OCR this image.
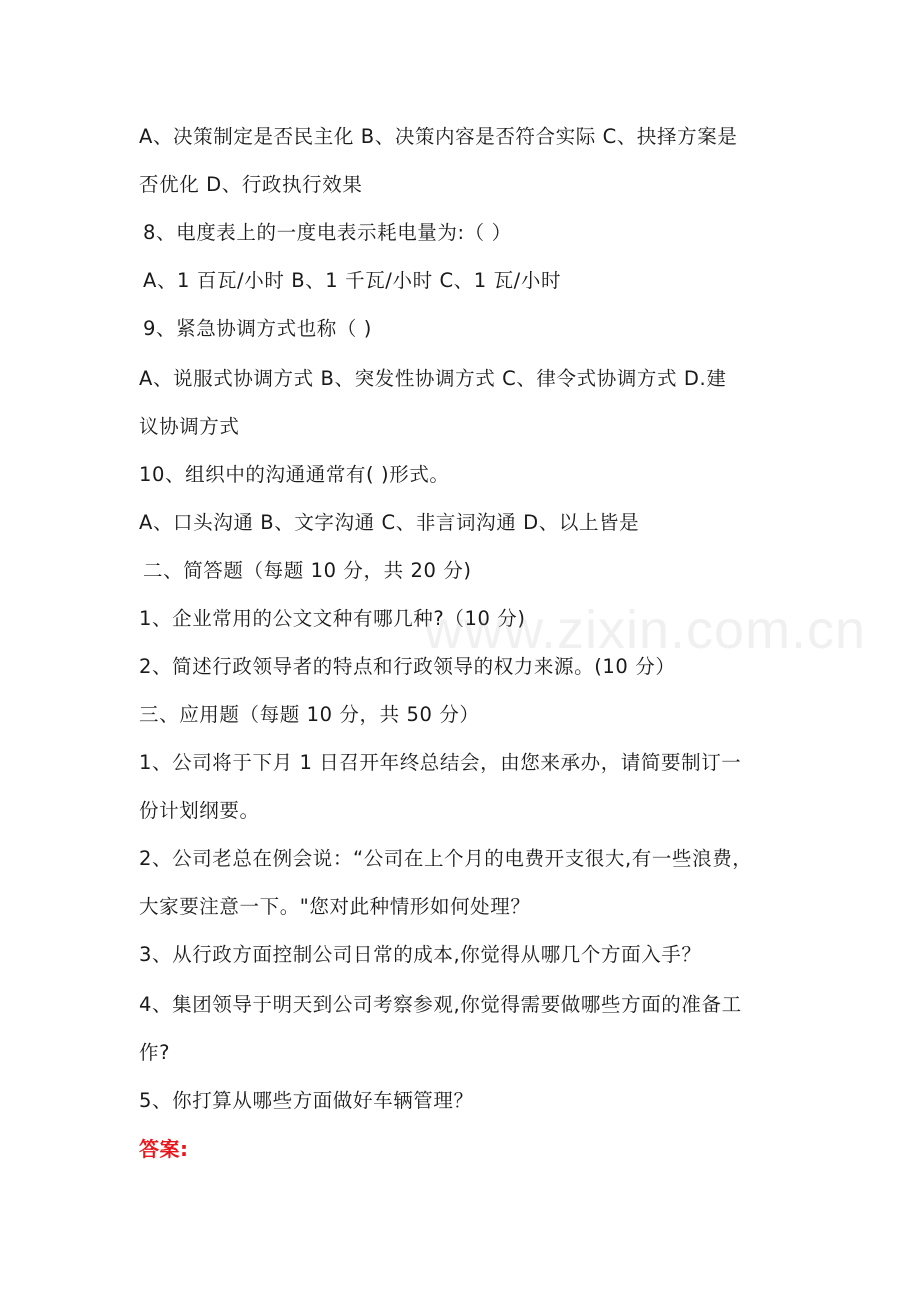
A、决策制定是否民主化 B、决策内容是否符合实际 C、抉择方案是
否优化 D、行政执行效果
8、电度表上的一度电表示耗电量为:（ ）
A、1 百瓦/小时 B、1 千瓦/小时 C、1 瓦/小时
9、紧急协调方式也称（ )
A、说服式协调方式 B、突发性协调方式 C、律令式协调方式 D.建
议协调方式
10、组织中的沟通通常有( )形式。
A、口头沟通 B、文字沟通 C、非言词沟通 D、以上皆是
二、简答题（每题 10 分，共 20 分)
1、企业常用的公文文种有哪几种?（10 分)
2、简述行政领导者的特点和行政领导的权力来源。(10 分）
三、应用题（每题 10 分，共 50 分）
1、公司将于下月 1 日召开年终总结会，由您来承办，请简要制订一
份计划纲要。
2、公司老总在例会说：“公司在上个月的电费开支很大,有一些浪费，
大家要注意一下。"您对此种情形如何处理？
3、从行政方面控制公司日常的成本,你觉得从哪几个方面入手？
4、集团领导于明天到公司考察参观,你觉得需要做哪些方面的准备工
作?
5、你打算从哪些方面做好车辆管理？
答案:
www.zixin.com.cn
